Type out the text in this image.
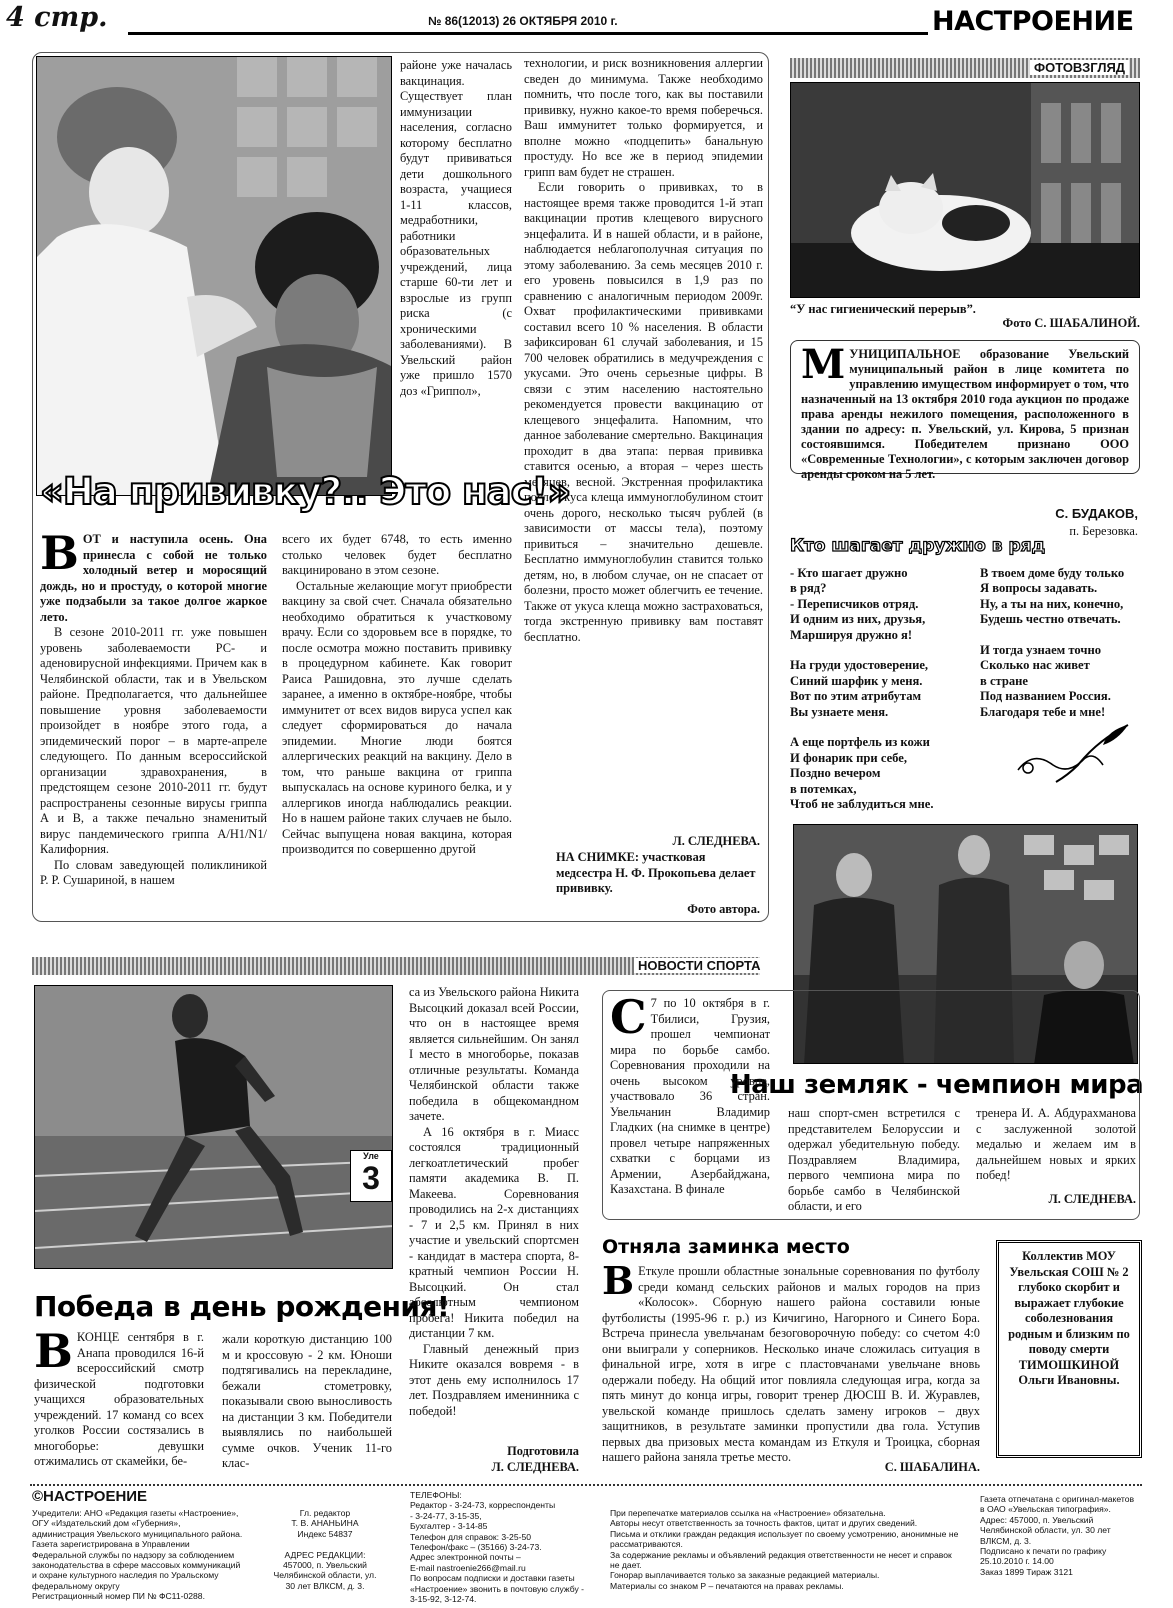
4 стр.	№ 86(12013) 26 ОКТЯБРЯ 2010 г.	НАСТРОЕНИЕ
районе уже началась вакцинация. Существует план иммунизации населения, согласно которому бесплатно будут прививаться дети дошкольного возраста, учащиеся 1-11 классов, медработники, работники образовательных учреждений, лица старше 60-ти лет и взрослые из групп риска (с хроническими заболеваниями). В Увельский район уже пришло 1570 доз «Гриппол»,

технологии, и риск возникновения аллергии сведен до минимума. Также необходимо помнить, что после того, как вы поставили прививку, нужно какое-то время поберечься. Ваш иммунитет только формируется, и вполне можно «подцепить» банальную простуду. Но все же в период эпидемии грипп вам будет не страшен.

Если говорить о прививках, то в настоящее время также проводится 1-й этап вакцинации против клещевого вирусного энцефалита. И в нашей области, и в районе, наблюдается неблагополучная ситуация по этому заболеванию. За семь месяцев 2010 г. его уровень повысился в 1,9 раз по сравнению с аналогичным периодом 2009г. Охват профилактическими прививками составил всего 10 % населения. В области зафиксирован 61 случай заболевания, и 15 700 человек обратились в медучреждения с укусами. Это очень серьезные цифры. В связи с этим населению настоятельно рекомендуется провести вакцинацию от клещевого энцефалита. Напомним, что данное заболевание смертельно. Вакцинация проходит в два этапа: первая прививка ставится осенью, а вторая – через шесть месяцев, весной. Экстренная профилактика после укуса клеща иммуноглобулином стоит очень дорого, несколько тысяч рублей (в зависимости от массы тела), поэтому привиться – значительно дешевле. Бесплатно иммуноглобулин ставится только детям, но, в любом случае, он не спасает от болезни, просто может облегчить ее течение. Также от укуса клеща можно застраховаться, тогда экстренную прививку вам поставят бесплатно.

«На прививку?.. Это нас!»
В ОТ и наступила осень. Она принесла с собой не только холодный ветер и моросящий дождь, но и простуду, о которой многие уже подзабыли за такое долгое жаркое лето.

В сезоне 2010-2011 гг. уже повышен уровень заболеваемости РС- и аденовирусной инфекциями. Причем как в Челябинской области, так и в Увельском районе. Предполагается, что дальнейшее повышение уровня заболеваемости произойдет в ноябре этого года, а эпидемический порог – в марте-апреле следующего. По данным всероссийской организации здравохранения, в предстоящем сезоне 2010-2011 гг. будут распространены сезонные вирусы гриппа А и В, а также печально знаменитый вирус пандемического гриппа А/Н1/N1/Калифорния.

По словам заведующей поликлиникой Р. Р. Сушариной, в нашем

всего их будет 6748, то есть именно столько человек будет бесплатно вакцинировано в этом сезоне.

Остальные желающие могут приобрести вакцину за свой счет. Сначала обязательно необходимо обратиться к участковому врачу. Если со здоровьем все в порядке, то после осмотра можно поставить прививку в процедурном кабинете. Как говорит Раиса Рашидовна, это лучше сделать заранее, а именно в октябре-ноябре, чтобы иммунитет от всех видов вируса успел как следует сформироваться до начала эпидемии. Многие люди боятся аллергических реакций на вакцину. Дело в том, что раньше вакцина от гриппа выпускалась на основе куриного белка, и у аллергиков иногда наблюдались реакции. Но в нашем районе таких случаев не было. Сейчас выпущена новая вакцина, которая производится по совершенно другой

Л. СЛЕДНЕВА.
НА СНИМКЕ: участковая медсестра Н. Ф. Прокопьева делает прививку.
Фото автора.
ФОТОВЗГЛЯД
“У нас гигиенический перерыв”.
Фото С. ШАБАЛИНОЙ.
М УНИЦИПАЛЬНОЕ образование Увельский муниципальный район в лице комитета по управлению имуществом информирует о том, что назначенный на 13 октября 2010 года аукцион по продаже права аренды нежилого помещения, расположенного в здании по адресу: п. Увельский, ул. Кирова, 5 признан состоявшимся. Победителем признано ООО «Современные Технологии», с которым заключен договор аренды сроком на 5 лет.
С. БУДАКОВ,
п. Березовка.
Кто шагает дружно в ряд
- Кто шагает дружно
в ряд?
- Переписчиков отряд.
И одним из них, друзья,
Маршируя дружно я!

На груди удостоверение,
Синий шарфик у меня.
Вот по этим атрибутам
Вы узнаете меня.

А еще портфель из кожи
И фонарик при себе,
Поздно вечером
в потемках,
Чтоб не заблудиться мне.
В твоем доме буду только
Я вопросы задавать.
Ну, а ты на них, конечно,
Будешь честно отвечать.

И тогда узнаем точно
Сколько нас живет
в стране
Под названием Россия.
Благодаря тебе и мне!
Наш земляк - чемпион мира
НОВОСТИ СПОРТА
Уле
3
Победа в день рождения!
В КОНЦЕ сентября в г. Анапа проводился 16-й всероссийский смотр физической подготовки учащихся образовательных учреждений. 17 команд со всех уголков России состязались в многоборье: девушки отжимались от скамейки, бе-
жали короткую дистанцию 100 м и кроссовую - 2 км. Юноши подтягивались на перекладине, бежали стометровку, показывали свою выносливость на дистанции 3 км. Победители выявлялись по наибольшей сумме очков. Ученик 11-го клас-

са из Увельского района Никита Высоцкий доказал всей России, что он в настоящее время является сильнейшим. Он занял I место в многоборье, показав отличные результаты. Команда Челябинской области также победила в общекомандном зачете.

А 16 октября в г. Миасс состоялся традиционный легкоатлетический пробег памяти академика В. П. Макеева. Соревнования проводились на 2-х дистанциях - 7 и 2,5 км. Принял в них участие и увельский спортсмен - кандидат в мастера спорта, 8-кратный чемпион России Н. Высоцкий. Он стал абсолютным чемпионом пробега! Никита победил на дистанции 7 км.

Главный денежный приз Никите оказался вовремя - в этот день ему исполнилось 17 лет. Поздравляем именинника с победой!

Подготовила
Л. СЛЕДНЕВА.
С 7 по 10 октября в г. Тбилиси, Грузия, прошел чемпионат мира по борьбе самбо. Соревнования проходили на очень высоком уровне, участвовало 36 стран. Увельчанин Владимир Гладких (на снимке в центре) провел четыре напряженных схватки с борцами из Армении, Азербайджана, Казахстана. В финале
наш спорт-смен встретился с представителем Белоруссии и одержал убедительную победу. Поздравляем Владимира, первого чемпиона мира по борьбе самбо в Челябинской области, и его
тренера И. А. Абдурахманова с заслуженной золотой медалью и желаем им в дальнейшем новых и ярких побед!
Л. СЛЕДНЕВА.
Отняла заминка место
В Еткуле прошли областные зональные соревнования по футболу среди команд сельских районов и малых городов на приз «Колосок». Сборную нашего района составили юные футболисты (1995-96 г. р.) из Кичигино, Нагорного и Синего Бора. Встреча принесла увельчанам безоговорочную победу: со счетом 4:0 они выиграли у соперников. Несколько иначе сложилась ситуация в финальной игре, хотя в игре с пластовчанами увельчане вновь одержали победу. На общий итог повлияла следующая игра, когда за пять минут до конца игры, говорит тренер ДЮСШ В. И. Журавлев, увельской команде пришлось сделать замену игроков – двух защитников, в результате заминки пропустили два гола. Уступив первых два призовых места командам из Еткуля и Троицка, сборная нашего района заняла третье место.
С. ШАБАЛИНА.
Коллектив МОУ Увельская СОШ № 2 глубоко скорбит и выражает глубокие соболезнования родным и близким по поводу смерти
ТИМОШКИНОЙ Ольги Ивановны.
©НАСТРОЕНИЕ
Учредители: АНО «Редакция газеты «Настроение», ОГУ «Издательский дом «Губерния», администрация Увельского муниципального района.
Газета зарегистрирована в Управлении Федеральной службы по надзору за соблюдением законодательства в сфере массовых коммуникаций и охране культурного наследия по Уральскому федеральному округу
Регистрационный номер ПИ № ФС11-0288.
Гл. редактор
Т. В. АНАНЬИНА
Индекс 54837

АДРЕС РЕДАКЦИИ:
457000, п. Увельский
Челябинской области, ул.
30 лет ВЛКСМ, д. 3.
ТЕЛЕФОНЫ:
Редактор - 3-24-73, корреспонденты
- 3-24-77, 3-15-35,
Бухгалтер - 3-14-85
Телефон для справок: 3-25-50
Телефон/факс – (35166) 3-24-73.
Адрес электронной почты –
E-mail nastroenie266@mail.ru
По вопросам подписки и доставки газеты «Настроение» звонить в почтовую службу - 3-15-92, 3-12-74.
При перепечатке материалов ссылка на «Настроение» обязательна.
Авторы несут ответственность за точность фактов, цитат и других сведений.
Письма и отклики граждан редакция использует по своему усмотрению, анонимные не рассматриваются.
За содержание рекламы и объявлений редакция ответственности не несет и справок не дает.
Гонорар выплачивается только за заказные редакцией материалы.
Материалы со знаком Р – печатаются на правах рекламы.
Газета отпечатана с оригинал-макетов в ОАО «Увельская типография».
Адрес: 457000, п. Увельский Челябинской области, ул. 30 лет ВЛКСМ, д. 3.
Подписано к печати по графику 25.10.2010 г. 14.00
Заказ 1899 Тираж 3121
